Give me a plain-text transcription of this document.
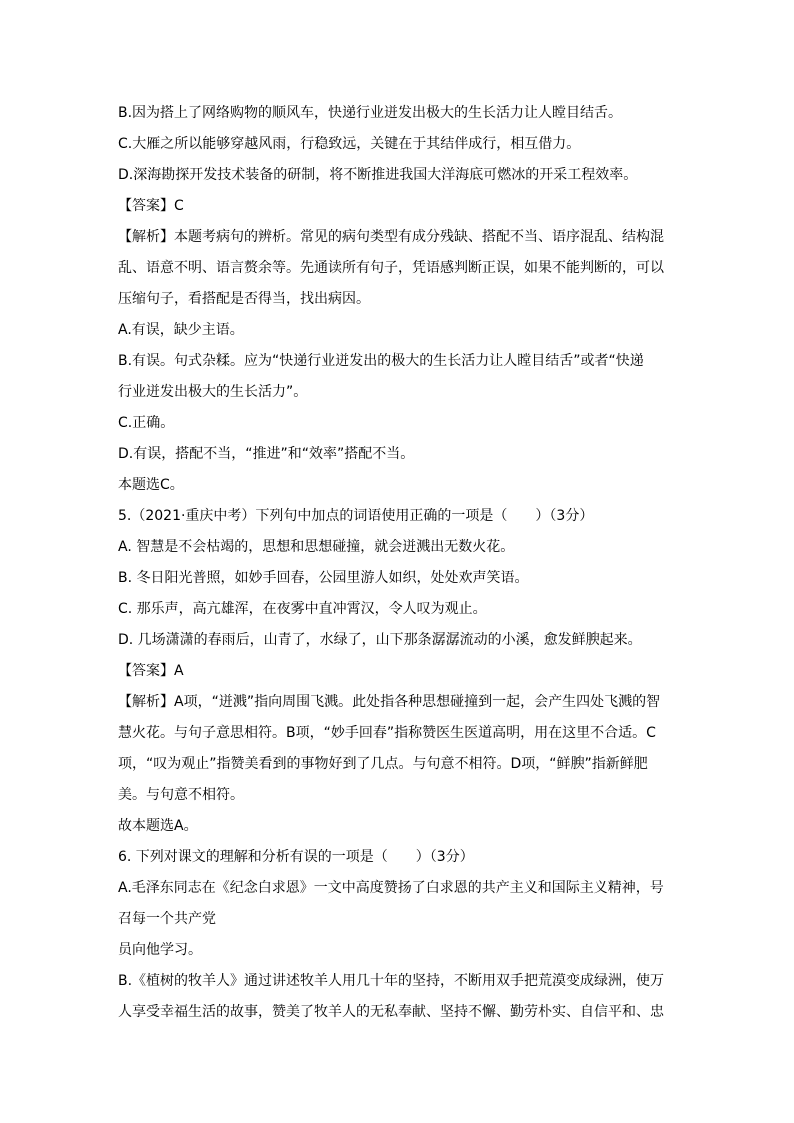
B.因为搭上了网络购物的顺风车，快递行业迸发出极大的生长活力让人瞠目结舌。
C.大雁之所以能够穿越风雨，行稳致远，关键在于其结伴成行，相互借力。
D.深海勘探开发技术装备的研制，将不断推进我国大洋海底可燃冰的开采工程效率。
【答案】C
【解析】本题考病句的辨析。常见的病句类型有成分残缺、搭配不当、语序混乱、结构混
乱、语意不明、语言赘余等。先通读所有句子，凭语感判断正误，如果不能判断的，可以
压缩句子，看搭配是否得当，找出病因。
A.有误，缺少主语。
B.有误。句式杂糅。应为“快递行业迸发出的极大的生长活力让人瞠目结舌”或者“快递
行业迸发出极大的生长活力”。
C.正确。
D.有误，搭配不当，“推进”和“效率”搭配不当。
本题选C。
5.（2021·重庆中考）下列句中加点的词语使用正确的一项是（　　）（3分）
A. 智慧是不会枯竭的，思想和思想碰撞，就会迸溅出无数火花。
B. 冬日阳光普照，如妙手回春，公园里游人如织，处处欢声笑语。
C. 那乐声，高亢雄浑，在夜雾中直冲霄汉，令人叹为观止。
D. 几场潇潇的春雨后，山青了，水绿了，山下那条潺潺流动的小溪，愈发鲜腴起来。
【答案】A
【解析】A项，“迸溅”指向周围飞溅。此处指各种思想碰撞到一起，会产生四处飞溅的智
慧火花。与句子意思相符。B项，“妙手回春”指称赞医生医道高明，用在这里不合适。C
项，“叹为观止”指赞美看到的事物好到了几点。与句意不相符。D项，“鲜腴”指新鲜肥
美。与句意不相符。
故本题选A。
6. 下列对课文的理解和分析有误的一项是（　　）（3分）
A.毛泽东同志在《纪念白求恩》一文中高度赞扬了白求恩的共产主义和国际主义精神，号
召每一个共产党
员向他学习。
B.《植树的牧羊人》通过讲述牧羊人用几十年的坚持，不断用双手把荒漠变成绿洲，使万
人享受幸福生活的故事，赞美了牧羊人的无私奉献、坚持不懈、勤劳朴实、自信平和、忠
